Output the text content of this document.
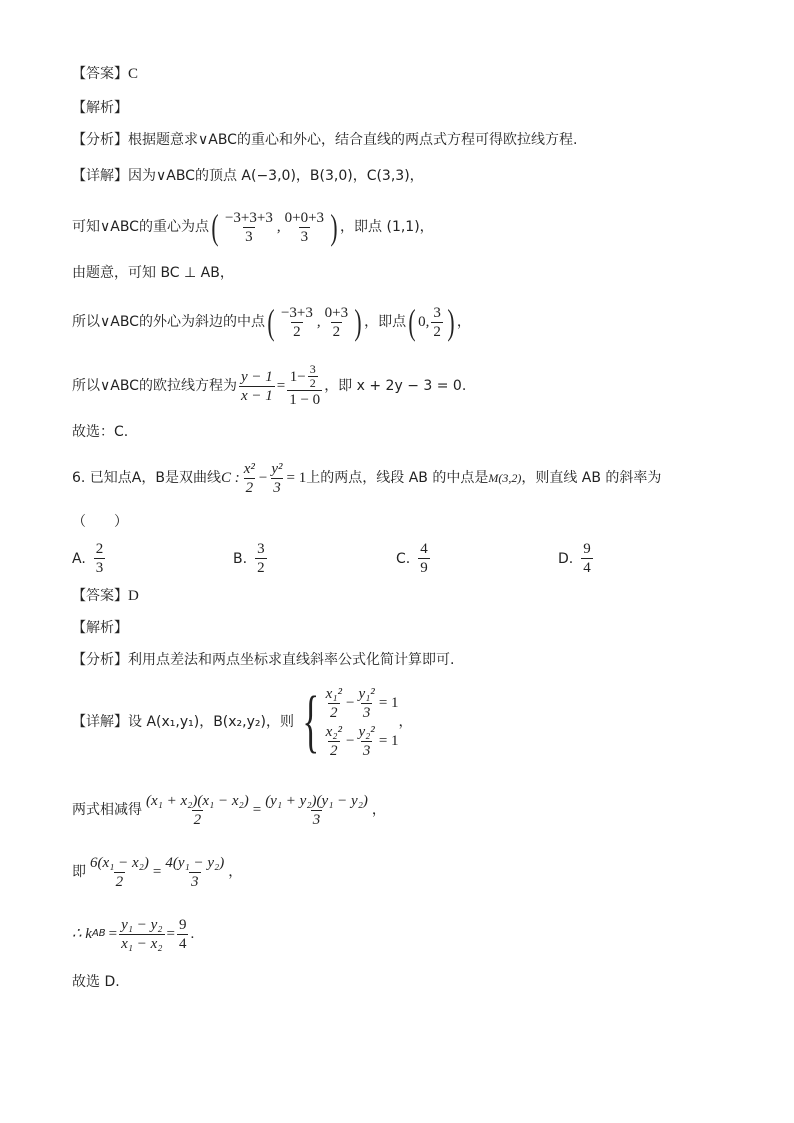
【答案】 C
【解析】
【分析】 根据题意求∨ABC的重心和外心，结合直线的两点式方程可得欧拉线方程.
【详解】 因为∨ABC的顶点 A(−3,0)，B(3,0)，C(3,3)，
可知∨ABC的重心为点 ( $\frac{-3+3+3}{3}$ , $\frac{0+0+3}{3}$ ) ，即点 (1,1)，
由题意，可知 BC ⊥ AB，
所以∨ABC的外心为斜边的中点 ( $\frac{-3+3}{2}$ , $\frac{0+3}{2}$ ) ，即点 ( 0, $\frac{3}{2}$ ) ，
所以∨ABC的欧拉线方程为 $\frac{y - 1}{x - 1} = \frac{1- \frac{3}{2}}{1 - 0}$ ，即 x + 2y − 3 = 0.
故选：C.
6. 已知点A，B是双曲线 C : $\frac{\text{x²}}{2} - \frac{\text{y²}}{3} = 1$ 上的两点，线段 AB 的中点是 M(3,2) ，则直线 AB 的斜率为
（　　）
A. $\frac{2}{3}$	B. $\frac{3}{2}$	C. $\frac{4}{9}$	D. $\frac{9}{4}$
【答案】 D
【解析】
【分析】 利用点差法和两点坐标求直线斜率公式化简计算即可.
【详解】 设 A(x₁,y₁)，B(x₂,y₂)，则 { $\frac{\text{x₁²}}{2} - \frac{\text{y₁²}}{3} = 1$
$\frac{\text{x₂²}}{2} - \frac{\text{y₂²}}{3} = 1$
，
两式相减得 $\frac{\text{(x₁ + x₂)(x₁ − x₂)}}{2} = \frac{\text{(y₁ + y₂)(y₁ − y₂)}}{3}$ ，
即 $\frac{\text{6(x₁ − x₂)}}{2} = \frac{\text{4(y₁ − y₂)}}{3}$ ，
∴ k AB = $\frac{\text{y₁ − y₂}}{\text{x₁ − x₂}} = \frac{9}{4}$ .
故选 D.
